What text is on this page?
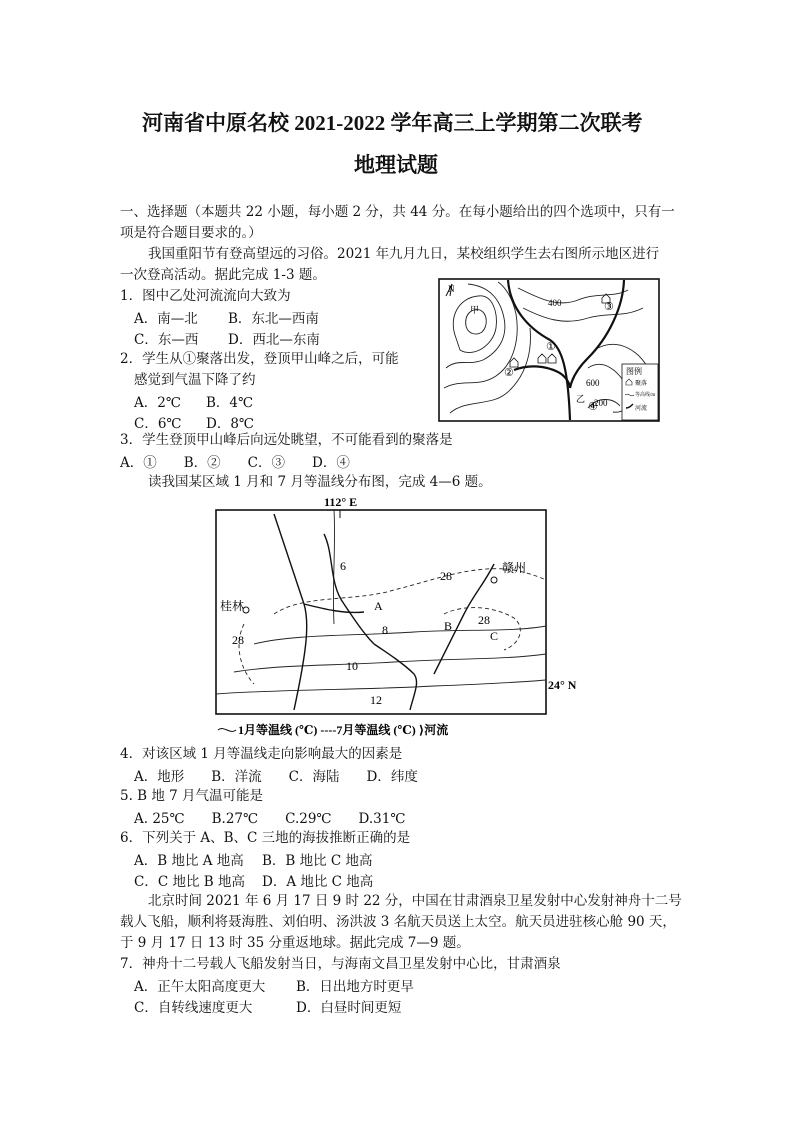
河南省中原名校 2021-2022 学年高三上学期第二次联考
地理试题
一、选择题（本题共 22 小题，每小题 2 分，共 44 分。在每小题给出的四个选项中，只有一
项是符合题目要求的。）
我国重阳节有登高望远的习俗。2021 年九月九日，某校组织学生去右图所示地区进行
一次登高活动。据此完成 1-3 题。
1．图中乙处河流流向大致为
A．南—北 B．东北—西南
C．东—西 D．西北—东南
2．学生从①聚落出发，登顶甲山峰之后，可能
感觉到气温下降了约
A．2℃ B．4℃
C．6℃ D．8℃
N
甲
400
600
200
①
②
③
④
乙
图例
聚落
等高线/m
河流
3．学生登顶甲山峰后向远处眺望，不可能看到的聚落是
A．①　　B．②　　C．③　　D．④
读我国某区域 1 月和 7 月等温线分布图，完成 4—6 题。
112° E
24° N
赣州
桂林
28
28
28
6
8
10
12
A
B
C
1月等温线 (℃) ----7月等温线 (℃) ⟩河流
4．对该区域 1 月等温线走向影响最大的因素是
A．地形　　B．洋流　　C．海陆　　D．纬度
5. B 地 7 月气温可能是
A. 25℃　　B.27℃　　C.29℃　　D.31℃
6．下列关于 A、B、C 三地的海拔推断正确的是
A．B 地比 A 地高 B．B 地比 C 地高
C．C 地比 B 地高 D．A 地比 C 地高
北京时间 2021 年 6 月 17 日 9 时 22 分，中国在甘肃酒泉卫星发射中心发射神舟十二号
载人飞船，顺利将聂海胜、刘伯明、汤洪波 3 名航天员送上太空。航天员进驻核心舱 90 天，
于 9 月 17 日 13 时 35 分重返地球。据此完成 7—9 题。
7．神舟十二号载人飞船发射当日，与海南文昌卫星发射中心比，甘肃酒泉
A．正午太阳高度更大 B．日出地方时更早
C．自转线速度更大	D．白昼时间更短
